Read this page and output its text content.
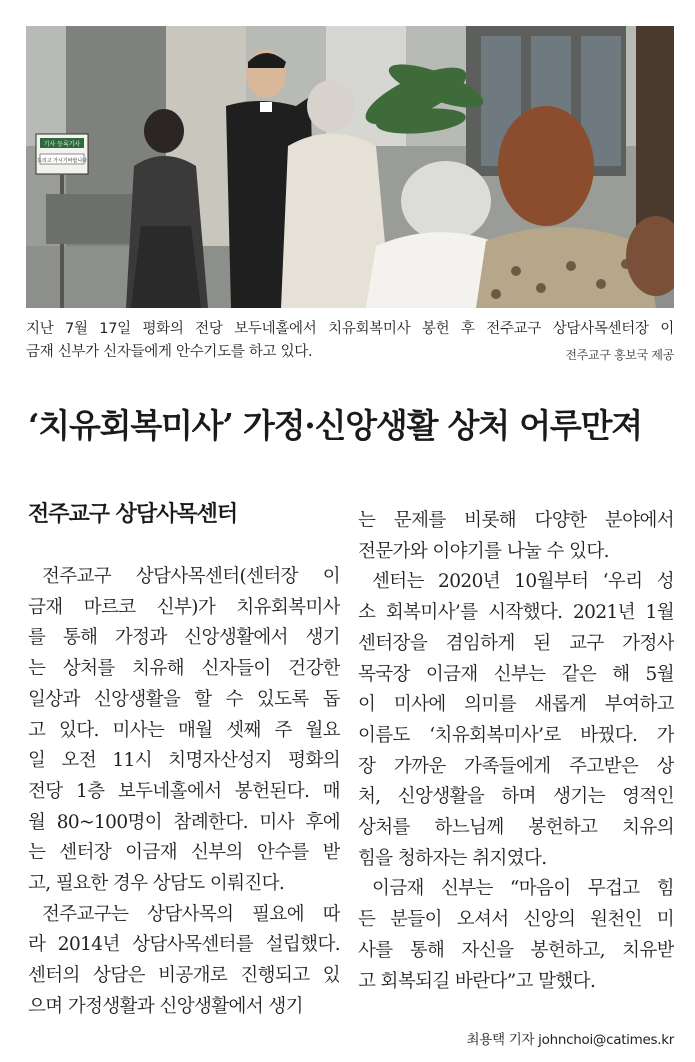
기사 등록기사
드리고 가시기바랍니다
지난 7월 17일 평화의 전당 보두네홀에서 치유회복미사 봉헌 후 전주교구 상담사목센터장 이
금재 신부가 신자들에게 안수기도를 하고 있다.	전주교구 홍보국 제공
‘치유회복미사’ 가정·신앙생활 상처 어루만져
전주교구 상담사목센터
전주교구 상담사목센터(센터장 이
금재 마르코 신부)가 치유회복미사
를 통해 가정과 신앙생활에서 생기
는 상처를 치유해 신자들이 건강한
일상과 신앙생활을 할 수 있도록 돕
고 있다. 미사는 매월 셋째 주 월요
일 오전 11시 치명자산성지 평화의
전당 1층 보두네홀에서 봉헌된다. 매
월 80~100명이 참례한다. 미사 후에
는 센터장 이금재 신부의 안수를 받
고, 필요한 경우 상담도 이뤄진다.
전주교구는 상담사목의 필요에 따
라 2014년 상담사목센터를 설립했다.
센터의 상담은 비공개로 진행되고 있
으며 가정생활과 신앙생활에서 생기
는 문제를 비롯해 다양한 분야에서
전문가와 이야기를 나눌 수 있다.
센터는 2020년 10월부터 ‘우리 성
소 회복미사’를 시작했다. 2021년 1월
센터장을 겸임하게 된 교구 가정사
목국장 이금재 신부는 같은 해 5월
이 미사에 의미를 새롭게 부여하고
이름도 ‘치유회복미사’로 바꿨다. 가
장 가까운 가족들에게 주고받은 상
처, 신앙생활을 하며 생기는 영적인
상처를 하느님께 봉헌하고 치유의
힘을 청하자는 취지였다.
이금재 신부는 “마음이 무겁고 힘
든 분들이 오셔서 신앙의 원천인 미
사를 통해 자신을 봉헌하고, 치유받
고 회복되길 바란다”고 말했다.
최용택 기자 johnchoi@catimes.kr
